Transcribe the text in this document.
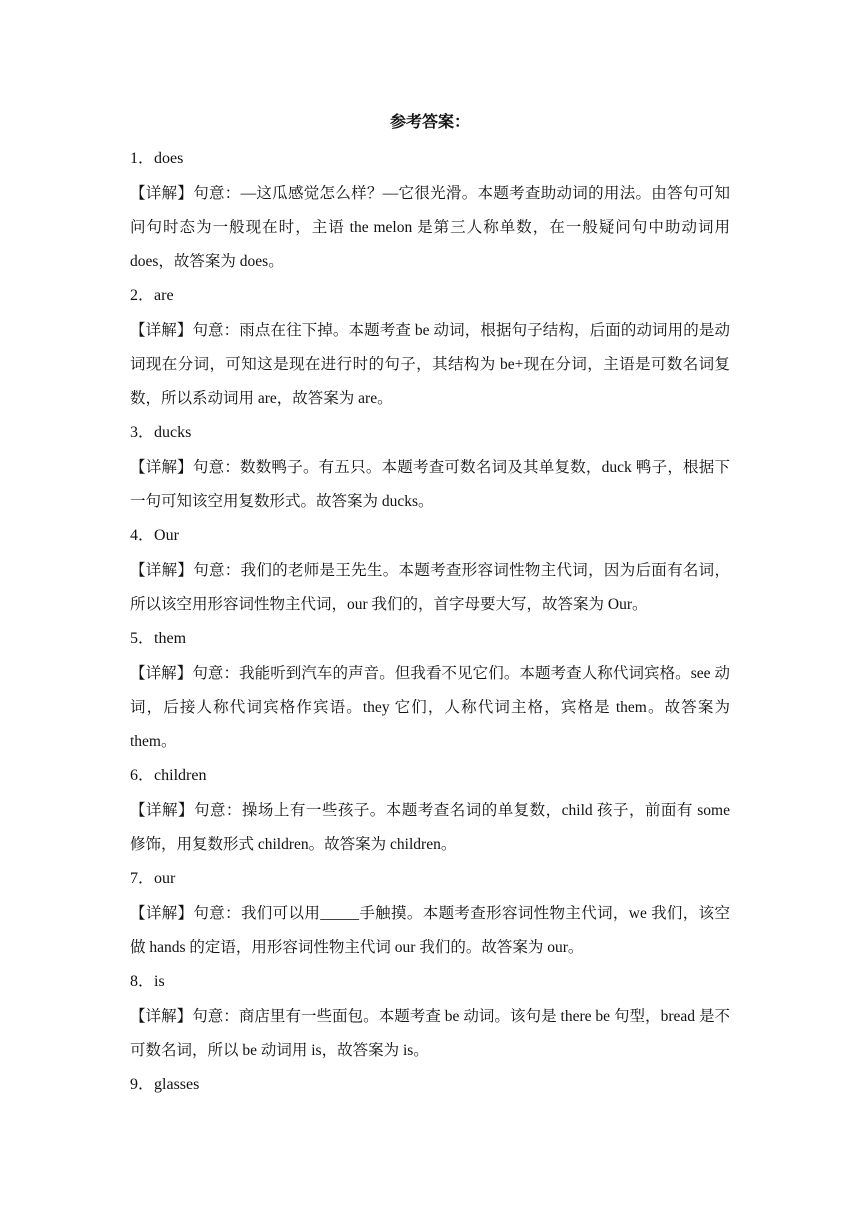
参考答案：
1．does

【详解】句意：—这瓜感觉怎么样？—它很光滑。本题考查助动词的用法。由答句可知问句时态为一般现在时，主语 the melon 是第三人称单数，在一般疑问句中助动词用 does，故答案为 does。

2．are

【详解】句意：雨点在往下掉。本题考查 be 动词，根据句子结构，后面的动词用的是动词现在分词，可知这是现在进行时的句子，其结构为 be+现在分词，主语是可数名词复数，所以系动词用 are，故答案为 are。

3．ducks

【详解】句意：数数鸭子。有五只。本题考查可数名词及其单复数，duck 鸭子，根据下一句可知该空用复数形式。故答案为 ducks。

4．Our

【详解】句意：我们的老师是王先生。本题考查形容词性物主代词，因为后面有名词，所以该空用形容词性物主代词，our 我们的，首字母要大写，故答案为 Our。

5．them

【详解】句意：我能听到汽车的声音。但我看不见它们。本题考查人称代词宾格。see 动词，后接人称代词宾格作宾语。they 它们，人称代词主格，宾格是 them。故答案为 them。

6．children

【详解】句意：操场上有一些孩子。本题考查名词的单复数，child 孩子，前面有 some 修饰，用复数形式 children。故答案为 children。

7．our

【详解】句意：我们可以用_____手触摸。本题考查形容词性物主代词，we 我们，该空做 hands 的定语，用形容词性物主代词 our 我们的。故答案为 our。

8．is

【详解】句意：商店里有一些面包。本题考查 be 动词。该句是 there be 句型，bread 是不可数名词，所以 be 动词用 is，故答案为 is。

9．glasses
